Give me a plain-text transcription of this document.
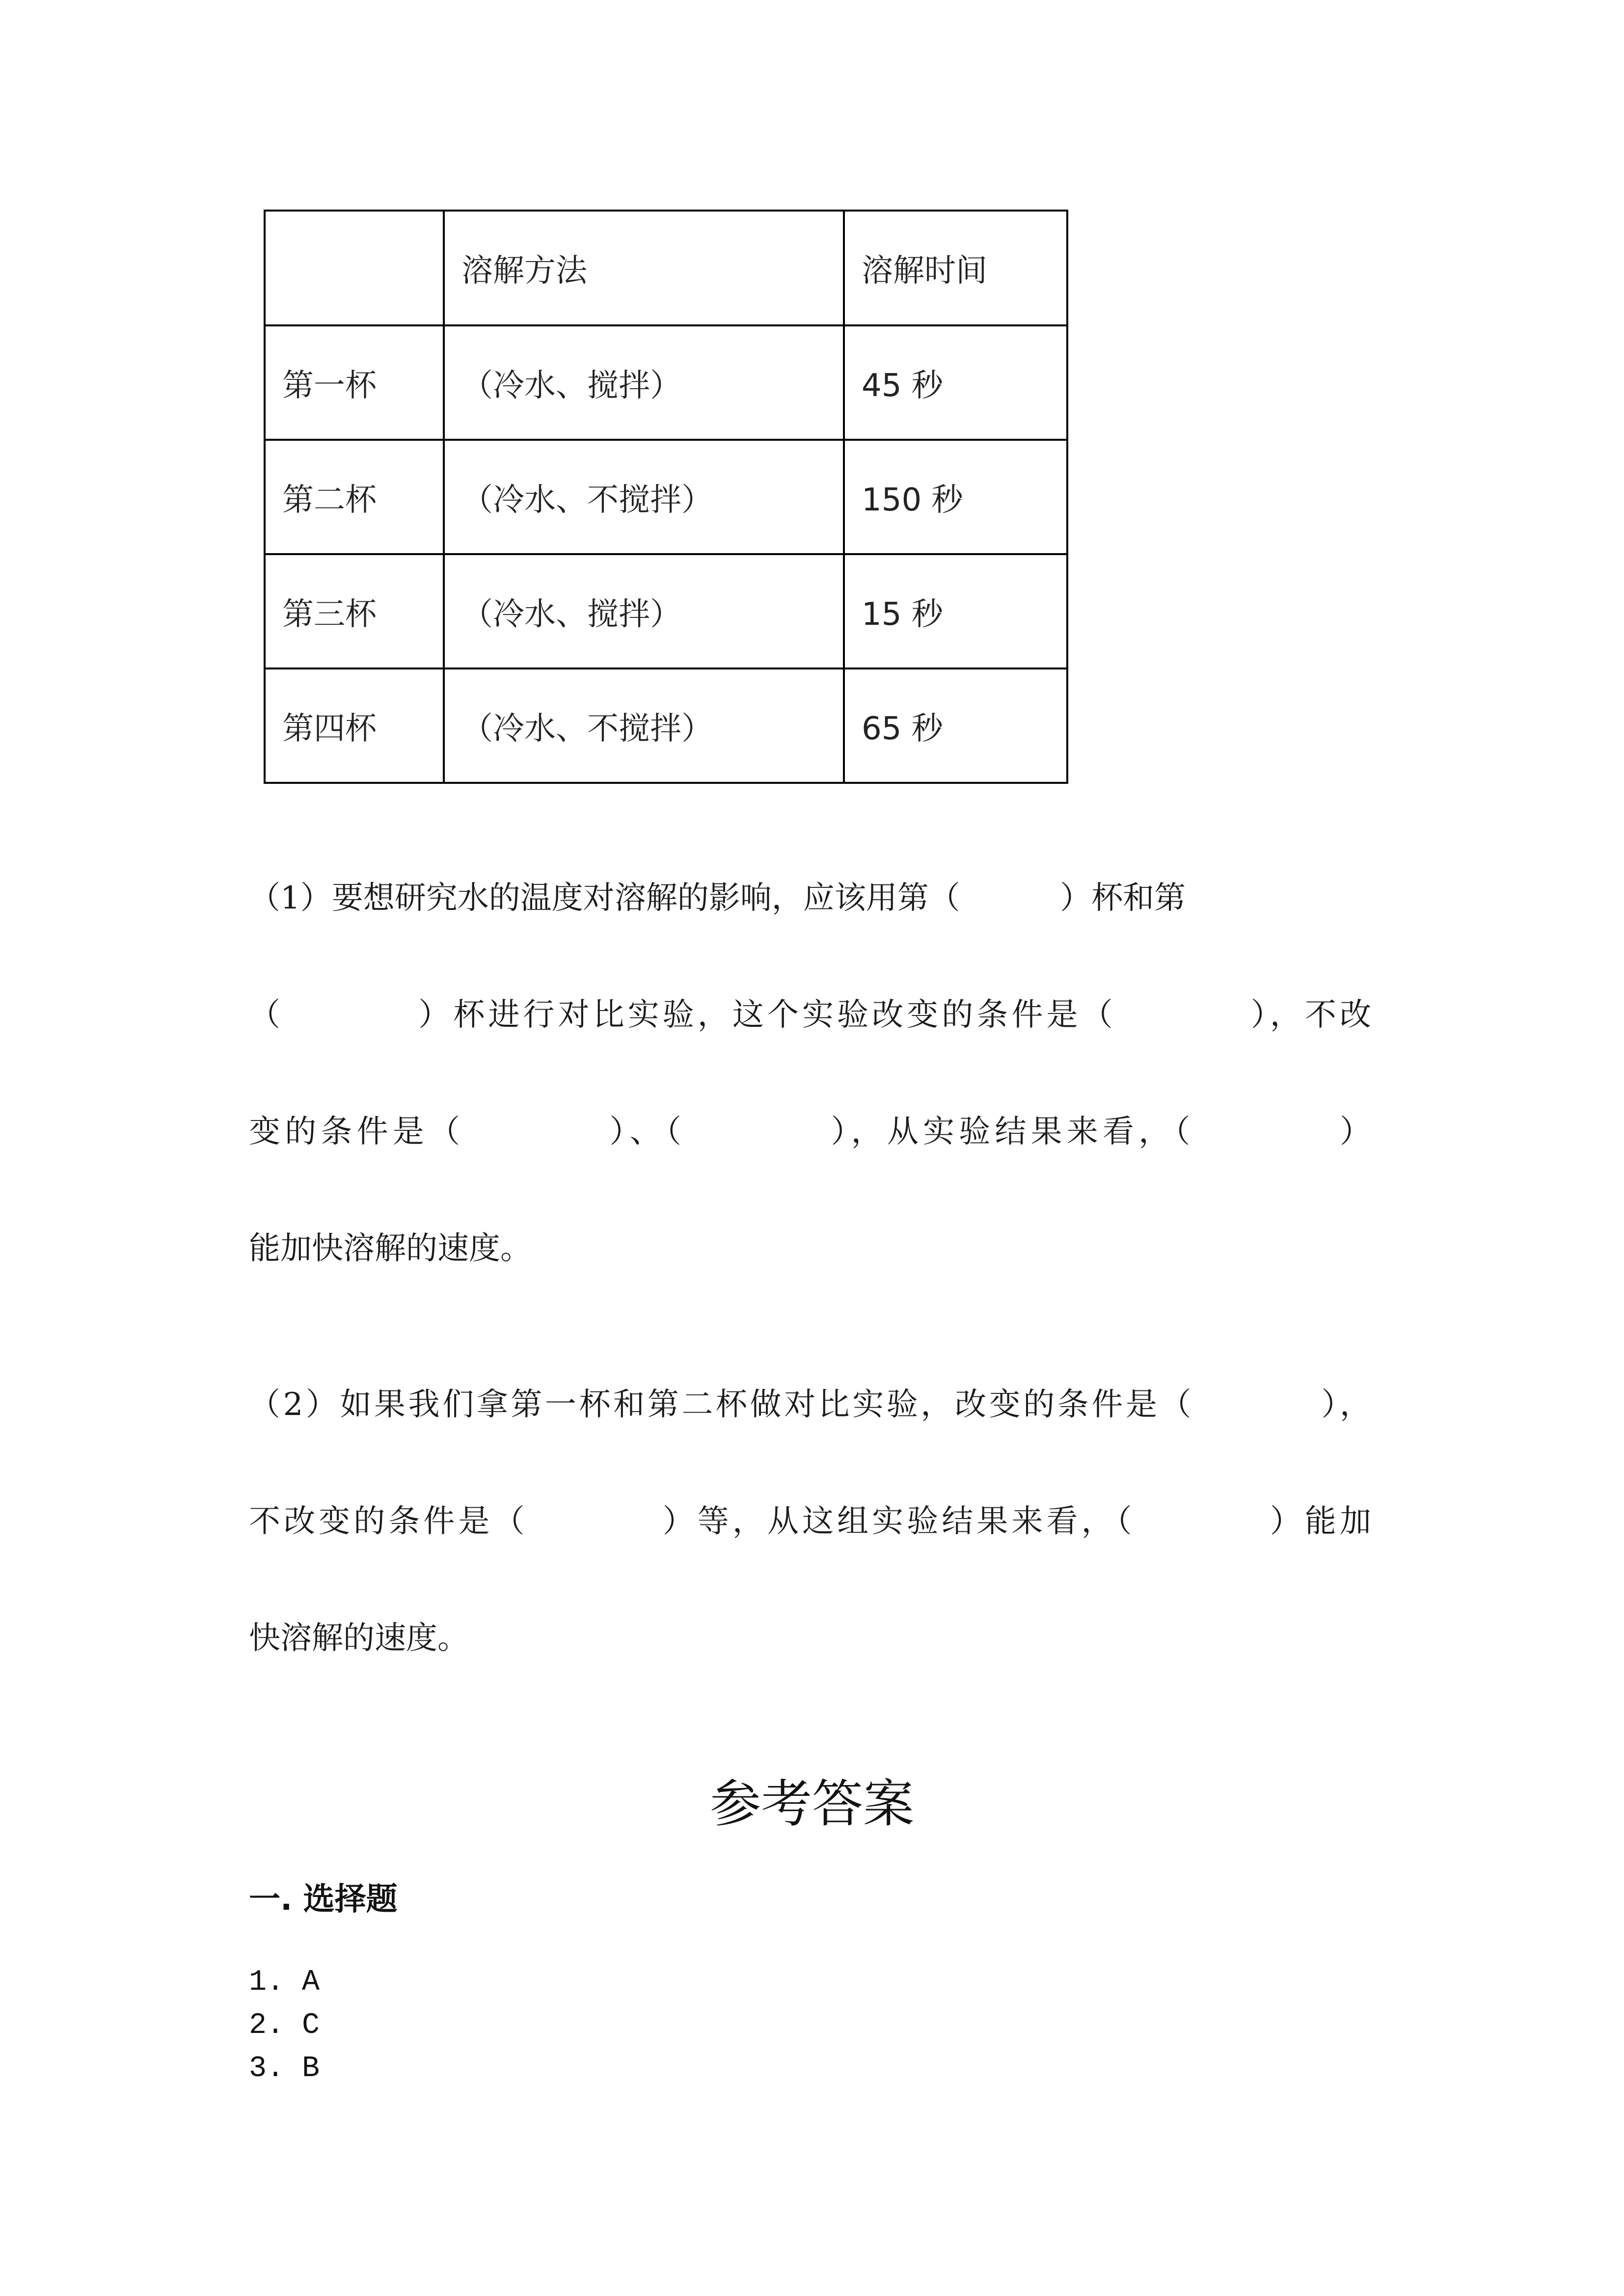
	溶解方法	溶解时间
第一杯	（冷水、搅拌）	45 秒
第二杯	（冷水、不搅拌）	150 秒
第三杯	（冷水、搅拌）	15 秒
第四杯	（冷水、不搅拌）	65 秒
（1）要想研究水的温度对溶解的影响，应该用第（          ）杯和第
（          ）杯进行对比实验，这个实验改变的条件是（          ），不改
变的条件是（          ）、（          ），从实验结果来看，（          ）
能加快溶解的速度。
（2）如果我们拿第一杯和第二杯做对比实验，改变的条件是（          ），
不改变的条件是（          ）等，从这组实验结果来看，（          ）能加
快溶解的速度。
参考答案
一. 选择题
1. A
2. C
3. B
